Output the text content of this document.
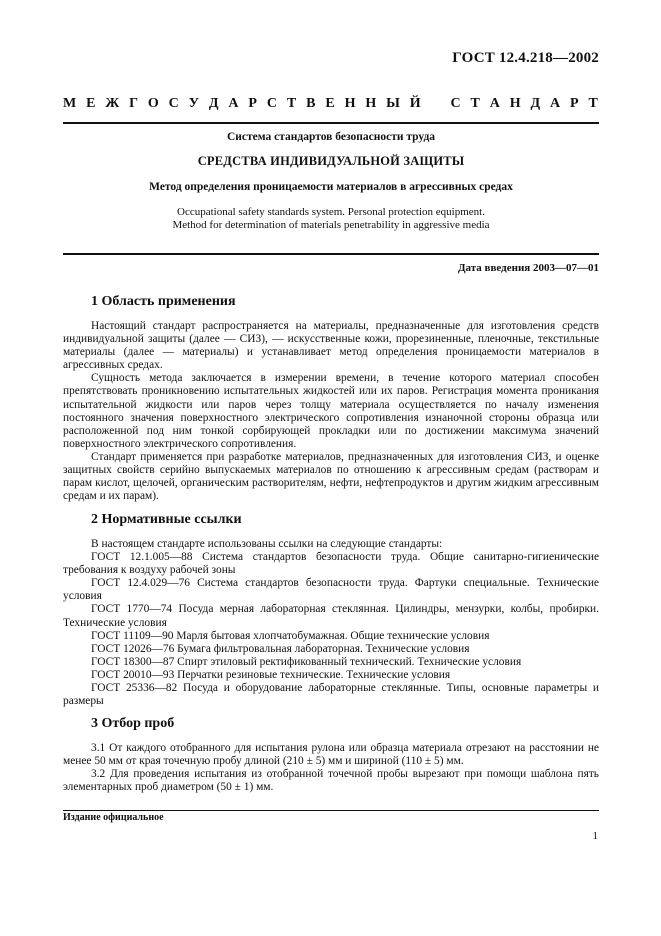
ГОСТ 12.4.218—2002
М Е Ж Г О С У Д А Р С Т В Е Н Н Ы Й С Т А Н Д А Р Т
Система стандартов безопасности труда
СРЕДСТВА ИНДИВИДУАЛЬНОЙ ЗАЩИТЫ
Метод определения проницаемости материалов в агрессивных средах
Occupational safety standards system. Personal protection equipment.
Method for determination of materials penetrability in aggressive media
Дата введения 2003—07—01
1 Область применения

Настоящий стандарт распространяется на материалы, предназначенные для изготовления средств индивидуальной защиты (далее — СИЗ), — искусственные кожи, прорезиненные, пленочные, текстильные материалы (далее — материалы) и устанавливает метод определения проницаемости материалов в агрессивных средах.

Сущность метода заключается в измерении времени, в течение которого материал способен препятствовать проникновению испытательных жидкостей или их паров. Регистрация момента проникания испытательной жидкости или паров через толщу материала осуществляется по началу изменения постоянного значения поверхностного электрического сопротивления изнаночной стороны образца или расположенной под ним тонкой сорбирующей прокладки или по достижении максимума значений поверхностного электрического сопротивления.

Стандарт применяется при разработке материалов, предназначенных для изготовления СИЗ, и оценке защитных свойств серийно выпускаемых материалов по отношению к агрессивным средам (растворам и парам кислот, щелочей, органическим растворителям, нефти, нефтепродуктов и другим жидким агрессивным средам и их парам).

2 Нормативные ссылки

В настоящем стандарте использованы ссылки на следующие стандарты:

ГОСТ 12.1.005—88 Система стандартов безопасности труда. Общие санитарно-гигиенические требования к воздуху рабочей зоны

ГОСТ 12.4.029—76 Система стандартов безопасности труда. Фартуки специальные. Технические условия

ГОСТ 1770—74 Посуда мерная лабораторная стеклянная. Цилиндры, мензурки, колбы, пробирки. Технические условия

ГОСТ 11109—90 Марля бытовая хлопчатобумажная. Общие технические условия

ГОСТ 12026—76 Бумага фильтровальная лабораторная. Технические условия

ГОСТ 18300—87 Спирт этиловый ректификованный технический. Технические условия

ГОСТ 20010—93 Перчатки резиновые технические. Технические условия

ГОСТ 25336—82 Посуда и оборудование лабораторные стеклянные. Типы, основные параметры и размеры

3 Отбор проб

3.1 От каждого отобранного для испытания рулона или образца материала отрезают на расстоянии не менее 50 мм от края точечную пробу длиной (210 ± 5) мм и шириной (110 ± 5) мм.

3.2 Для проведения испытания из отобранной точечной пробы вырезают при помощи шаблона пять элементарных проб диаметром (50 ± 1) мм.

Издание официальное
1
